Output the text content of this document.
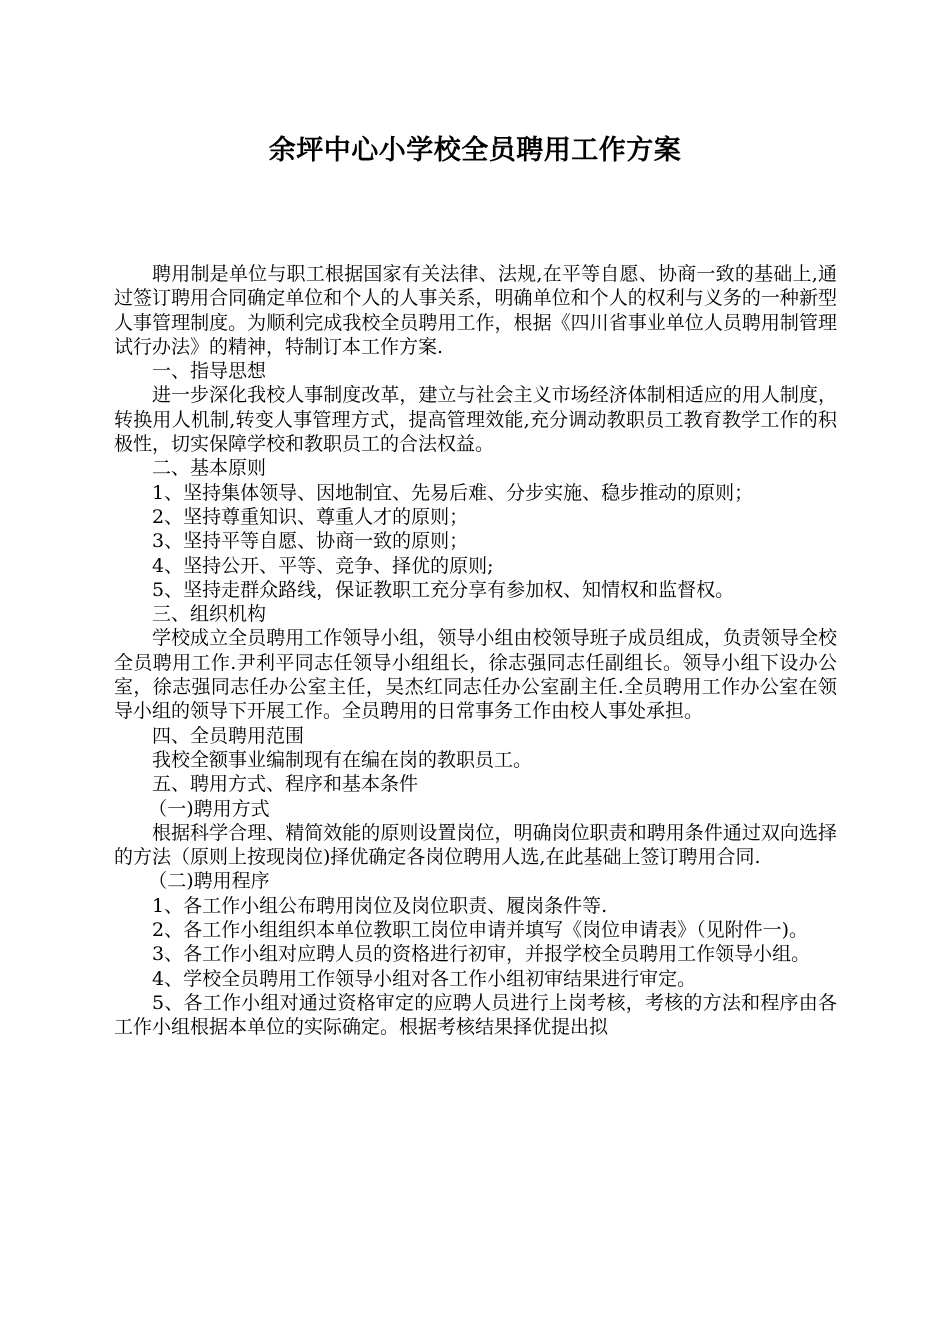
余坪中心小学校全员聘用工作方案

聘用制是单位与职工根据国家有关法律、法规,在平等自愿、协商一致的基础上,通过签订聘用合同确定单位和个人的人事关系，明确单位和个人的权利与义务的一种新型人事管理制度。为顺利完成我校全员聘用工作，根据《四川省事业单位人员聘用制管理试行办法》的精神，特制订本工作方案.

一、指导思想

进一步深化我校人事制度改革，建立与社会主义市场经济体制相适应的用人制度，转换用人机制,转变人事管理方式，提高管理效能,充分调动教职员工教育教学工作的积极性，切实保障学校和教职员工的合法权益。

二、基本原则

1、坚持集体领导、因地制宜、先易后难、分步实施、稳步推动的原则；

2、坚持尊重知识、尊重人才的原则；

3、坚持平等自愿、协商一致的原则；

4、坚持公开、平等、竞争、择优的原则;

5、坚持走群众路线，保证教职工充分享有参加权、知情权和监督权。

三、组织机构

学校成立全员聘用工作领导小组，领导小组由校领导班子成员组成，负责领导全校全员聘用工作.尹利平同志任领导小组组长，徐志强同志任副组长。领导小组下设办公室，徐志强同志任办公室主任，吴杰红同志任办公室副主任.全员聘用工作办公室在领导小组的领导下开展工作。全员聘用的日常事务工作由校人事处承担。

四、全员聘用范围

我校全额事业编制现有在编在岗的教职员工。

五、聘用方式、程序和基本条件

（一)聘用方式

根据科学合理、精简效能的原则设置岗位，明确岗位职责和聘用条件通过双向选择的方法（原则上按现岗位)择优确定各岗位聘用人选,在此基础上签订聘用合同.

（二)聘用程序

1、各工作小组公布聘用岗位及岗位职责、履岗条件等.

2、各工作小组组织本单位教职工岗位申请并填写《岗位申请表》（见附件一)。

3、各工作小组对应聘人员的资格进行初审，并报学校全员聘用工作领导小组。

4、学校全员聘用工作领导小组对各工作小组初审结果进行审定。

5、各工作小组对通过资格审定的应聘人员进行上岗考核，考核的方法和程序由各工作小组根据本单位的实际确定。根据考核结果择优提出拟
